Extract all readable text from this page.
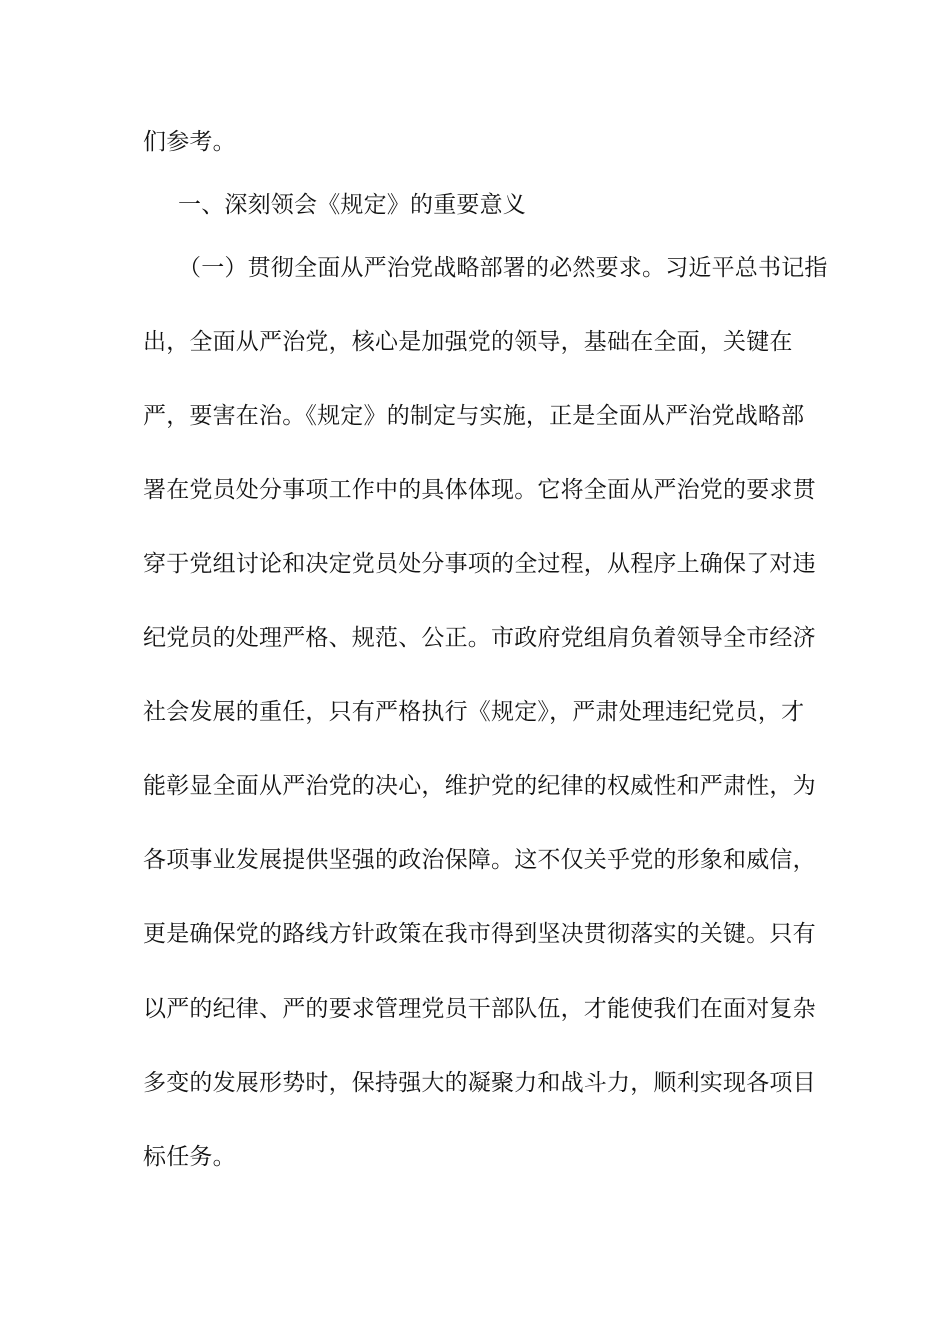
们参考。
一、深刻领会《规定》的重要意义
（一）贯彻全面从严治党战略部署的必然要求。习近平总书记指
出，全面从严治党，核心是加强党的领导，基础在全面，关键在
严，要害在治。《规定》的制定与实施，正是全面从严治党战略部
署在党员处分事项工作中的具体体现。它将全面从严治党的要求贯
穿于党组讨论和决定党员处分事项的全过程，从程序上确保了对违
纪党员的处理严格、规范、公正。市政府党组肩负着领导全市经济
社会发展的重任，只有严格执行《规定》，严肃处理违纪党员，才
能彰显全面从严治党的决心，维护党的纪律的权威性和严肃性，为
各项事业发展提供坚强的政治保障。这不仅关乎党的形象和威信，
更是确保党的路线方针政策在我市得到坚决贯彻落实的关键。只有
以严的纪律、严的要求管理党员干部队伍，才能使我们在面对复杂
多变的发展形势时，保持强大的凝聚力和战斗力，顺利实现各项目
标任务。
